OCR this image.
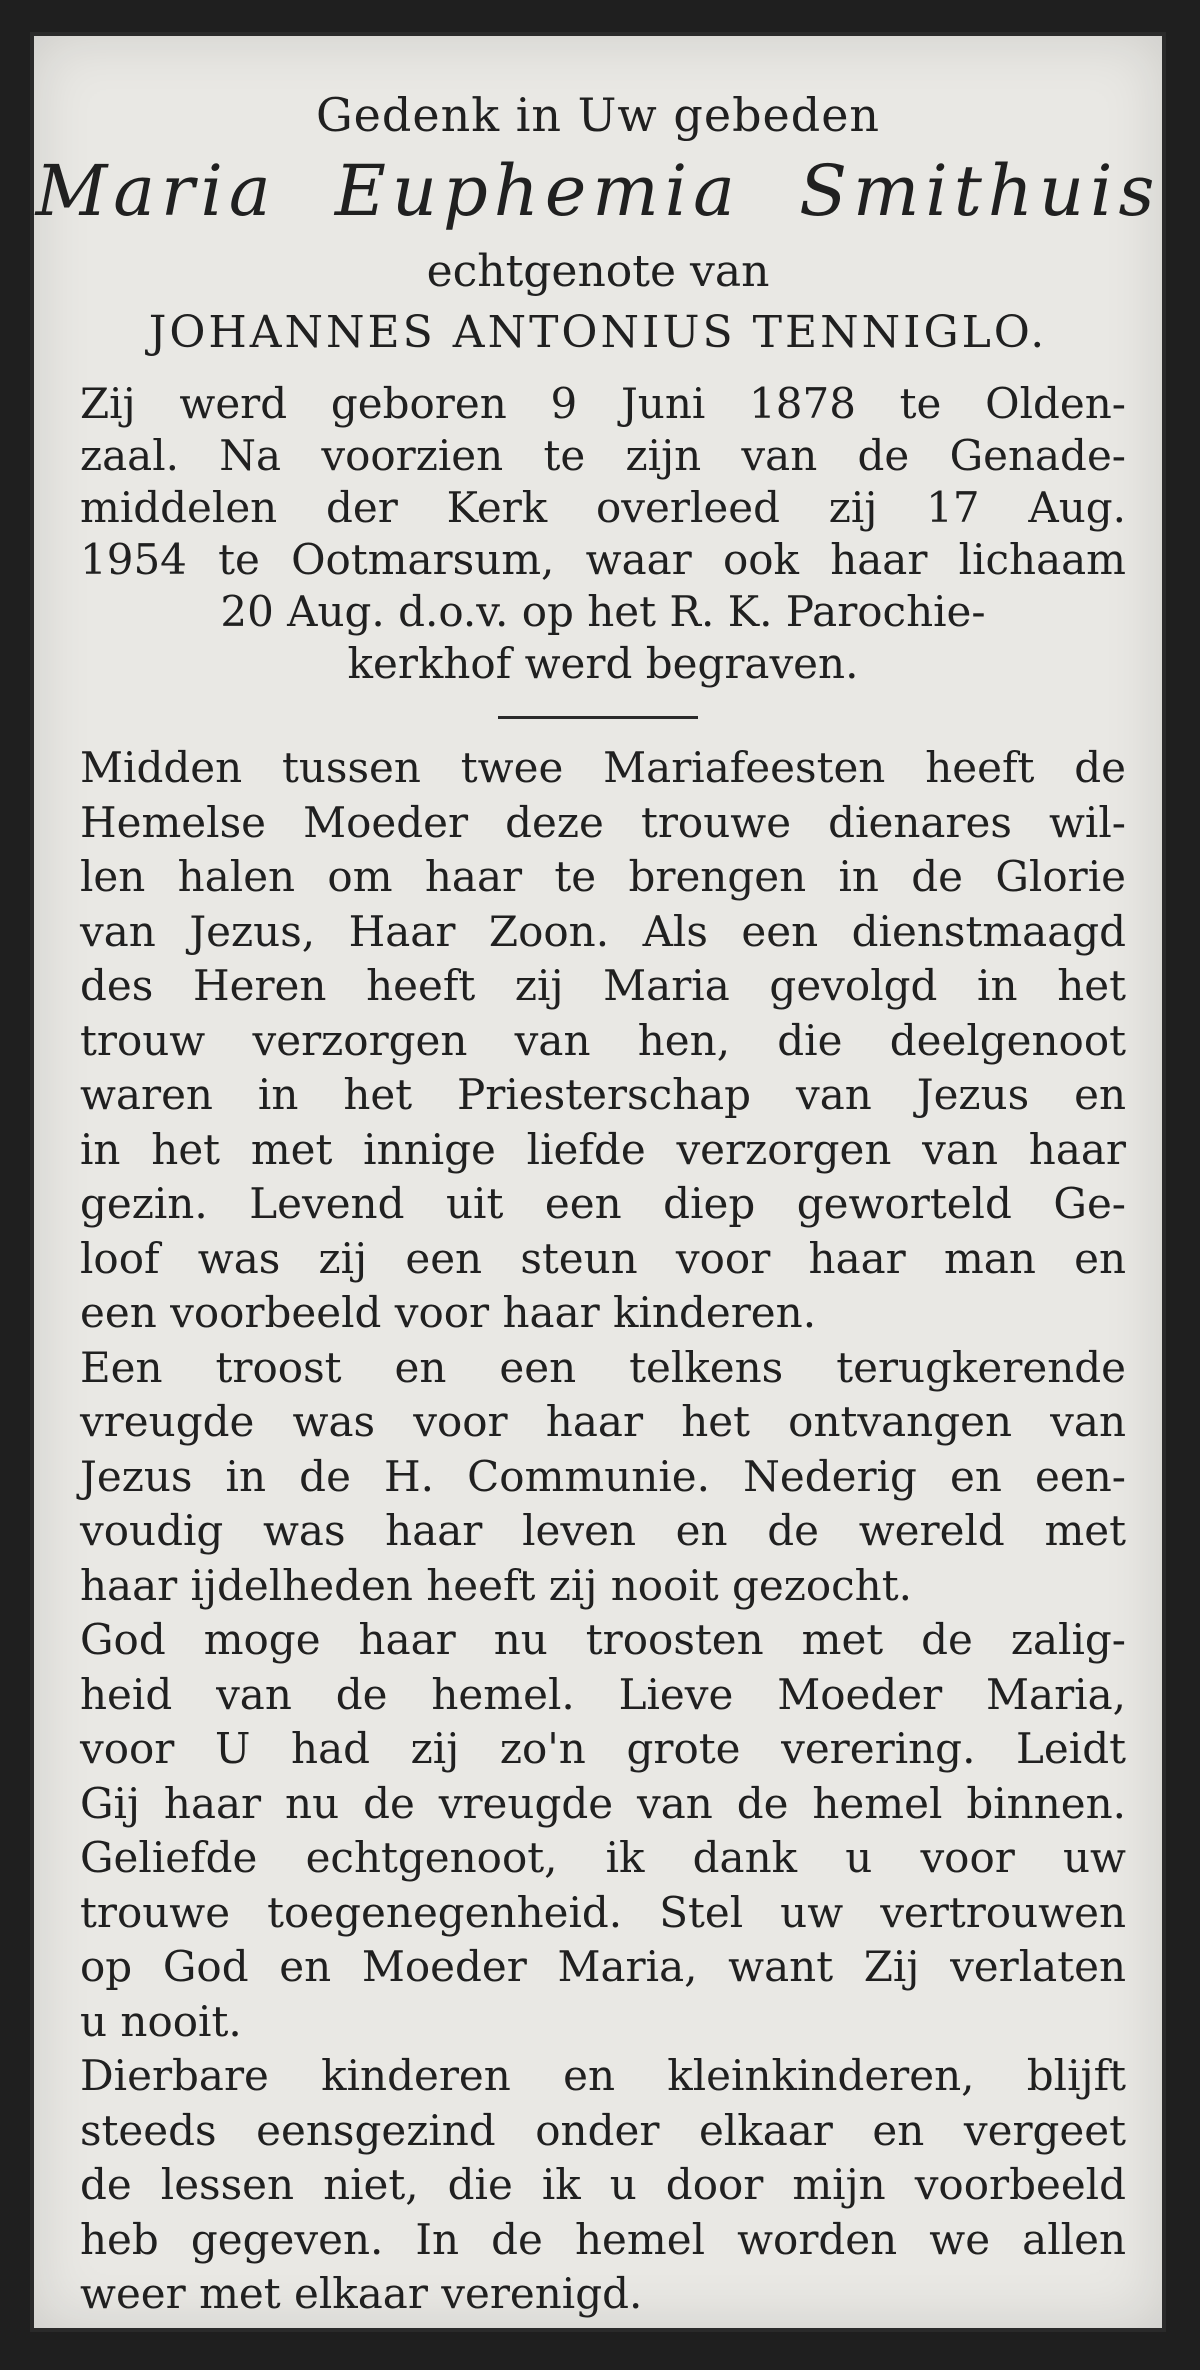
Gedenk in Uw gebeden
Maria Euphemia Smithuis
echtgenote van
JOHANNES ANTONIUS TENNIGLO.
Zij werd geboren 9 Juni 1878 te Olden-
zaal. Na voorzien te zijn van de Genade-
middelen der Kerk overleed zij 17 Aug.
1954 te Ootmarsum, waar ook haar lichaam
20 Aug. d.o.v. op het R. K. Parochie-
kerkhof werd begraven.
Midden tussen twee Mariafeesten heeft de
Hemelse Moeder deze trouwe dienares wil-
len halen om haar te brengen in de Glorie
van Jezus, Haar Zoon. Als een dienstmaagd
des Heren heeft zij Maria gevolgd in het
trouw verzorgen van hen, die deelgenoot
waren in het Priesterschap van Jezus en
in het met innige liefde verzorgen van haar
gezin. Levend uit een diep geworteld Ge-
loof was zij een steun voor haar man en
een voorbeeld voor haar kinderen.
Een troost en een telkens terugkerende
vreugde was voor haar het ontvangen van
Jezus in de H. Communie. Nederig en een-
voudig was haar leven en de wereld met
haar ijdelheden heeft zij nooit gezocht.
God moge haar nu troosten met de zalig-
heid van de hemel. Lieve Moeder Maria,
voor U had zij zo'n grote verering. Leidt
Gij haar nu de vreugde van de hemel binnen.
Geliefde echtgenoot, ik dank u voor uw
trouwe toegenegenheid. Stel uw vertrouwen
op God en Moeder Maria, want Zij verlaten
u nooit.
Dierbare kinderen en kleinkinderen, blijft
steeds eensgezind onder elkaar en vergeet
de lessen niet, die ik u door mijn voorbeeld
heb gegeven. In de hemel worden we allen
weer met elkaar verenigd.
